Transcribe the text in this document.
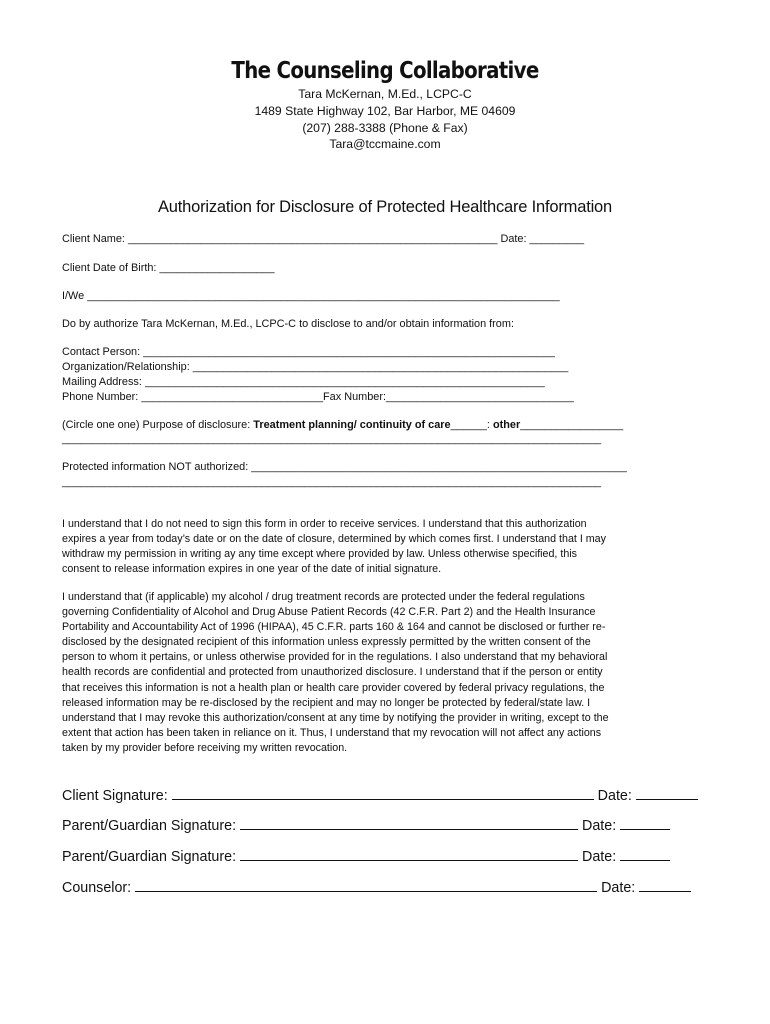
The Counseling Collaborative
Tara McKernan, M.Ed., LCPC-C
1489 State Highway 102, Bar Harbor, ME 04609
(207) 288-3388 (Phone & Fax)
Tara@tccmaine.com
Authorization for Disclosure of Protected Healthcare Information
Client Name: _____________________________________________________________ Date: _________
Client Date of Birth: ___________________
I/We ______________________________________________________________________________
Do by authorize Tara McKernan, M.Ed., LCPC-C to disclose to and/or obtain information from:
Contact Person: ____________________________________________________________________
Organization/Relationship: ______________________________________________________________
Mailing Address: __________________________________________________________________
Phone Number: ______________________________Fax Number:_______________________________
(Circle one one) Purpose of disclosure: Treatment planning/ continuity of care______: other_________________
_________________________________________________________________________________________
Protected information NOT authorized: ______________________________________________________________
_________________________________________________________________________________________

I understand that I do not need to sign this form in order to receive services. I understand that this authorization
expires a year from today’s date or on the date of closure, determined by which comes first. I understand that I may
withdraw my permission in writing ay any time except where provided by law. Unless otherwise specified, this
consent to release information expires in one year of the date of initial signature.

I understand that (if applicable) my alcohol / drug treatment records are protected under the federal regulations
governing Confidentiality of Alcohol and Drug Abuse Patient Records (42 C.F.R. Part 2) and the Health Insurance
Portability and Accountability Act of 1996 (HIPAA), 45 C.F.R. parts 160 & 164 and cannot be disclosed or further re-
disclosed by the designated recipient of this information unless expressly permitted by the written consent of the
person to whom it pertains, or unless otherwise provided for in the regulations. I also understand that my behavioral
health records are confidential and protected from unauthorized disclosure. I understand that if the person or entity
that receives this information is not a health plan or health care provider covered by federal privacy regulations, the
released information may be re-disclosed by the recipient and may no longer be protected by federal/state law. I
understand that I may revoke this authorization/consent at any time by notifying the provider in writing, except to the
extent that action has been taken in reliance on it. Thus, I understand that my revocation will not affect any actions
taken by my provider before receiving my written revocation.

Client Signature:	Date:
Parent/Guardian Signature:	Date:
Parent/Guardian Signature:	Date:
Counselor:	Date:
